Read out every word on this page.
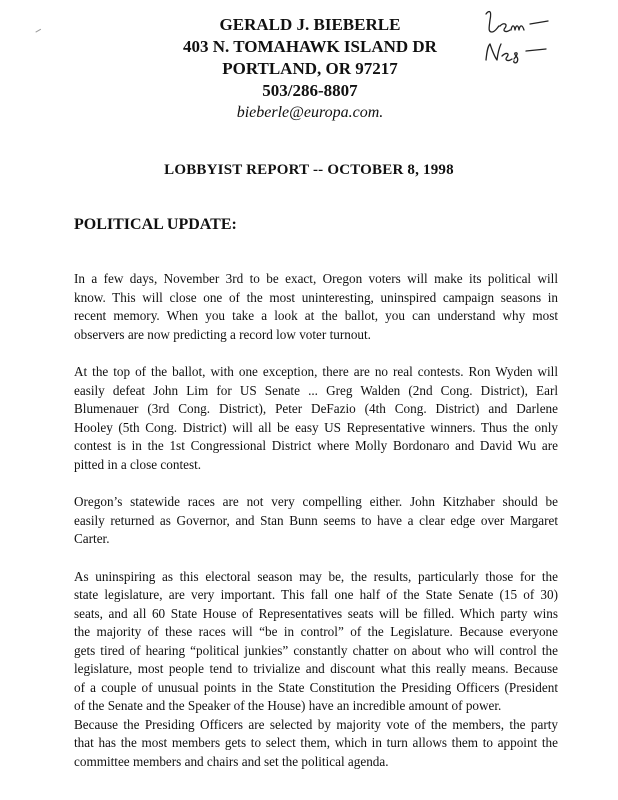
GERALD J. BIEBERLE
403 N. TOMAHAWK ISLAND DR
PORTLAND, OR 97217
503/286-8807
bieberle@europa.com.
LOBBYIST REPORT -- OCTOBER 8, 1998
POLITICAL UPDATE:
In a few days, November 3rd to be exact, Oregon voters will make its political will
know. This will close one of the most uninteresting, uninspired campaign seasons in
recent memory. When you take a look at the ballot, you can understand why most
observers are now predicting a record low voter turnout.
At the top of the ballot, with one exception, there are no real contests. Ron Wyden will
easily defeat John Lim for US Senate ... Greg Walden (2nd Cong. District), Earl
Blumenauer (3rd Cong. District), Peter DeFazio (4th Cong. District) and Darlene
Hooley (5th Cong. District) will all be easy US Representative winners. Thus the only
contest is in the 1st Congressional District where Molly Bordonaro and David Wu are
pitted in a close contest.
Oregon’s statewide races are not very compelling either. John Kitzhaber should be
easily returned as Governor, and Stan Bunn seems to have a clear edge over Margaret
Carter.
As uninspiring as this electoral season may be, the results, particularly those for the
state legislature, are very important. This fall one half of the State Senate (15 of 30)
seats, and all 60 State House of Representatives seats will be filled. Which party wins
the majority of these races will “be in control” of the Legislature. Because everyone
gets tired of hearing “political junkies” constantly chatter on about who will control the
legislature, most people tend to trivialize and discount what this really means. Because
of a couple of unusual points in the State Constitution the Presiding Officers (President
of the Senate and the Speaker of the House) have an incredible amount of power.
Because the Presiding Officers are selected by majority vote of the members, the party
that has the most members gets to select them, which in turn allows them to appoint the
committee members and chairs and set the political agenda.
